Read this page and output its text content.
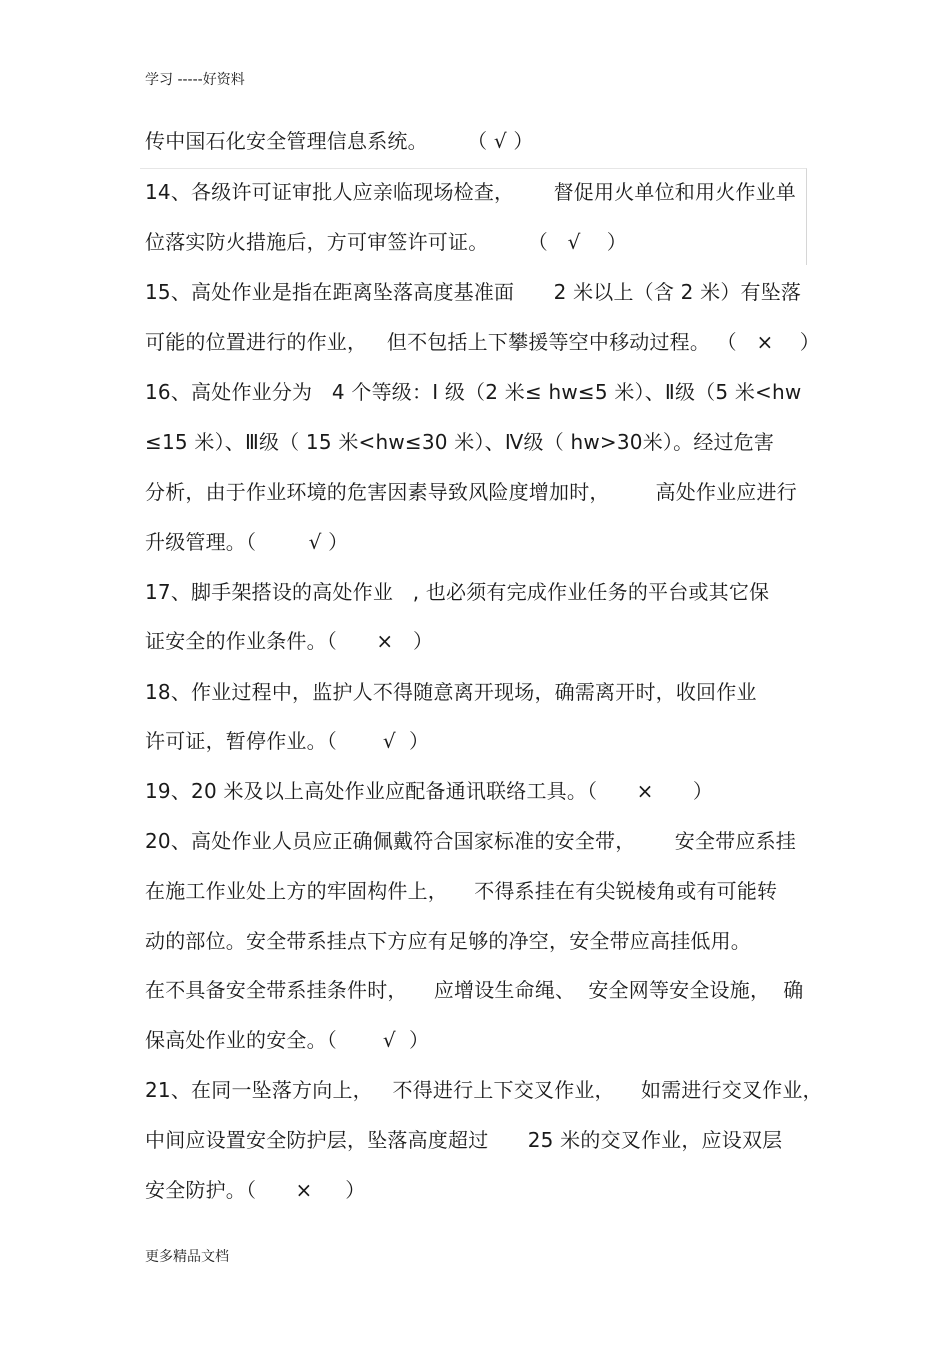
学习 -----好资料
传中国石化安全管理信息系统。      （ √ ）
14、各级许可证审批人应亲临现场检查，      督促用火单位和用火作业单
位落实防火措施后，方可审签许可证。      （   √    ）
15、高处作业是指在距离坠落高度基准面      2 米以上（含 2 米）有坠落
可能的位置进行的作业，   但不包括上下攀援等空中移动过程。 （   ×    ）
16、高处作业分为   4 个等级：Ⅰ 级（2 米≤ hw≤5 米）、Ⅱ级（5 米<hw
≤15 米）、Ⅲ级（ 15 米<hw≤30 米）、Ⅳ级（ hw>30米）。经过危害
分析，由于作业环境的危害因素导致风险度增加时，       高处作业应进行
升级管理。（        √ ）
17、脚手架搭设的高处作业   , 也必须有完成作业任务的平台或其它保
证安全的作业条件。（      ×   ）
18、作业过程中，监护人不得随意离开现场，确需离开时，收回作业
许可证，暂停作业。（       √  ）
19、20 米及以上高处作业应配备通讯联络工具。（      ×      ）
20、高处作业人员应正确佩戴符合国家标准的安全带，      安全带应系挂
在施工作业处上方的牢固构件上，    不得系挂在有尖锐棱角或有可能转
动的部位。安全带系挂点下方应有足够的净空，安全带应高挂低用。
在不具备安全带系挂条件时，    应增设生命绳、  安全网等安全设施，  确
保高处作业的安全。（       √  ）
21、在同一坠落方向上，   不得进行上下交叉作业，    如需进行交叉作业，
中间应设置安全防护层，坠落高度超过      25 米的交叉作业，应设双层
安全防护。（      ×     ）
更多精品文档
